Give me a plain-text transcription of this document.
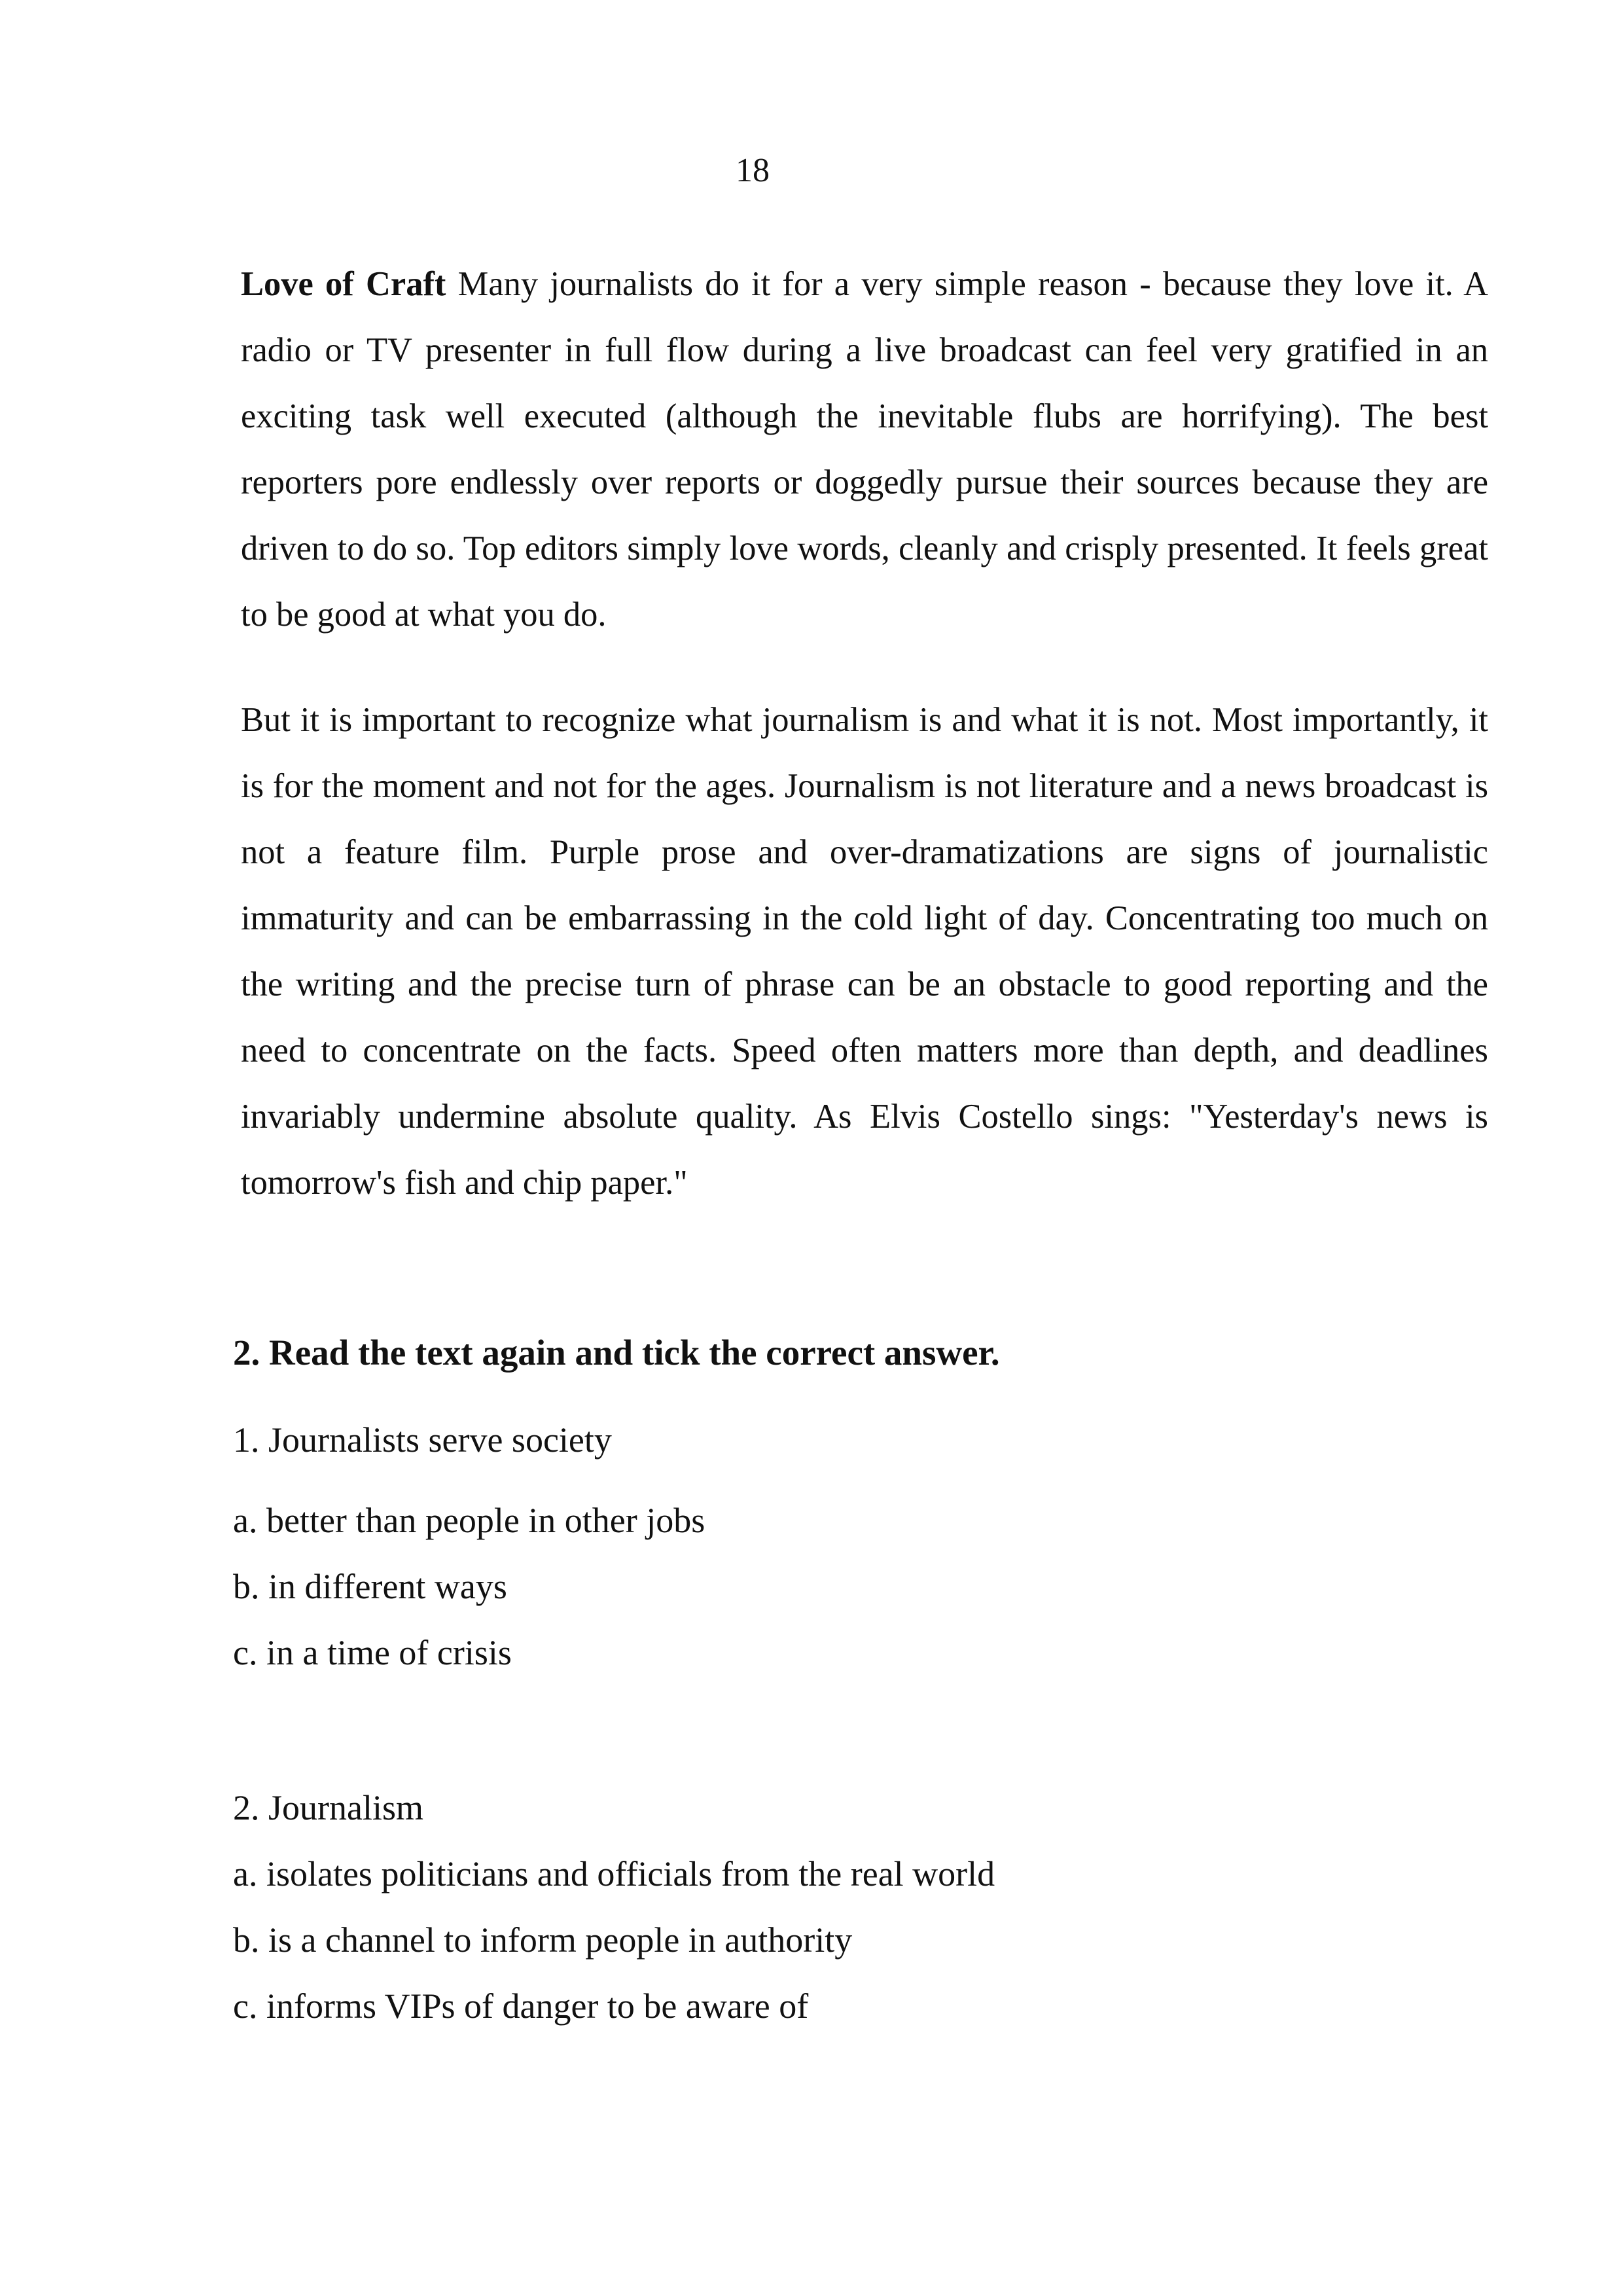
18

Love of Craft Many journalists do it for a very simple reason - because they love it. A radio or TV presenter in full flow during a live broadcast can feel very gratified in an exciting task well executed (although the inevitable flubs are horrifying). The best reporters pore endlessly over reports or doggedly pursue their sources because they are driven to do so. Top editors simply love words, cleanly and crisply presented. It feels great to be good at what you do.

But it is important to recognize what journalism is and what it is not. Most importantly, it is for the moment and not for the ages. Journalism is not literature and a news broadcast is not a feature film. Purple prose and over-dramatizations are signs of journalistic immaturity and can be embarrassing in the cold light of day. Concentrating too much on the writing and the precise turn of phrase can be an obstacle to good reporting and the need to concentrate on the facts. Speed often matters more than depth, and deadlines invariably undermine absolute quality. As Elvis Costello sings: "Yesterday's news is tomorrow's fish and chip paper."

2. Read the text again and tick the correct answer.
1. Journalists serve society
a. better than people in other jobs
b. in different ways
c. in a time of crisis
2. Journalism
a. isolates politicians and officials from the real world
b. is a channel to inform people in authority
c. informs VIPs of danger to be aware of
